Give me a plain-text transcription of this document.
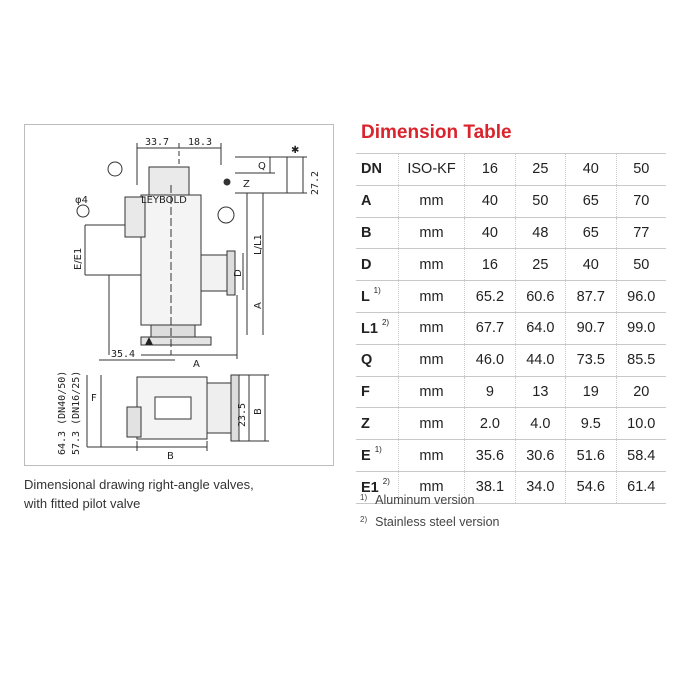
33.7 18.3
Q
Z	27.2
✱
φ4
E/E1
L/L1
D
A
LEYBOLD
A
35.4
F
23.5 B
B
64.3 (DN40/50) 57.3 (DN16/25)
Dimensional drawing right-angle valves,
with fitted pilot valve
Dimension Table
DN	ISO-KF	16	25	40	50
A	mm	40	50	65	70
B	mm	40	48	65	77
D	mm	16	25	40	50
L $^{1)}$	mm	65.2	60.6	87.7	96.0
L1 $^{2)}$	mm	67.7	64.0	90.7	99.0
Q	mm	46.0	44.0	73.5	85.5
F	mm	9	13	19	20
Z	mm	2.0	4.0	9.5	10.0
E $^{1)}$	mm	35.6	30.6	51.6	58.4
E1 $^{2)}$	mm	38.1	34.0	54.6	61.4
$^{1)}$ Aluminum version
$^{2)}$ Stainless steel version
